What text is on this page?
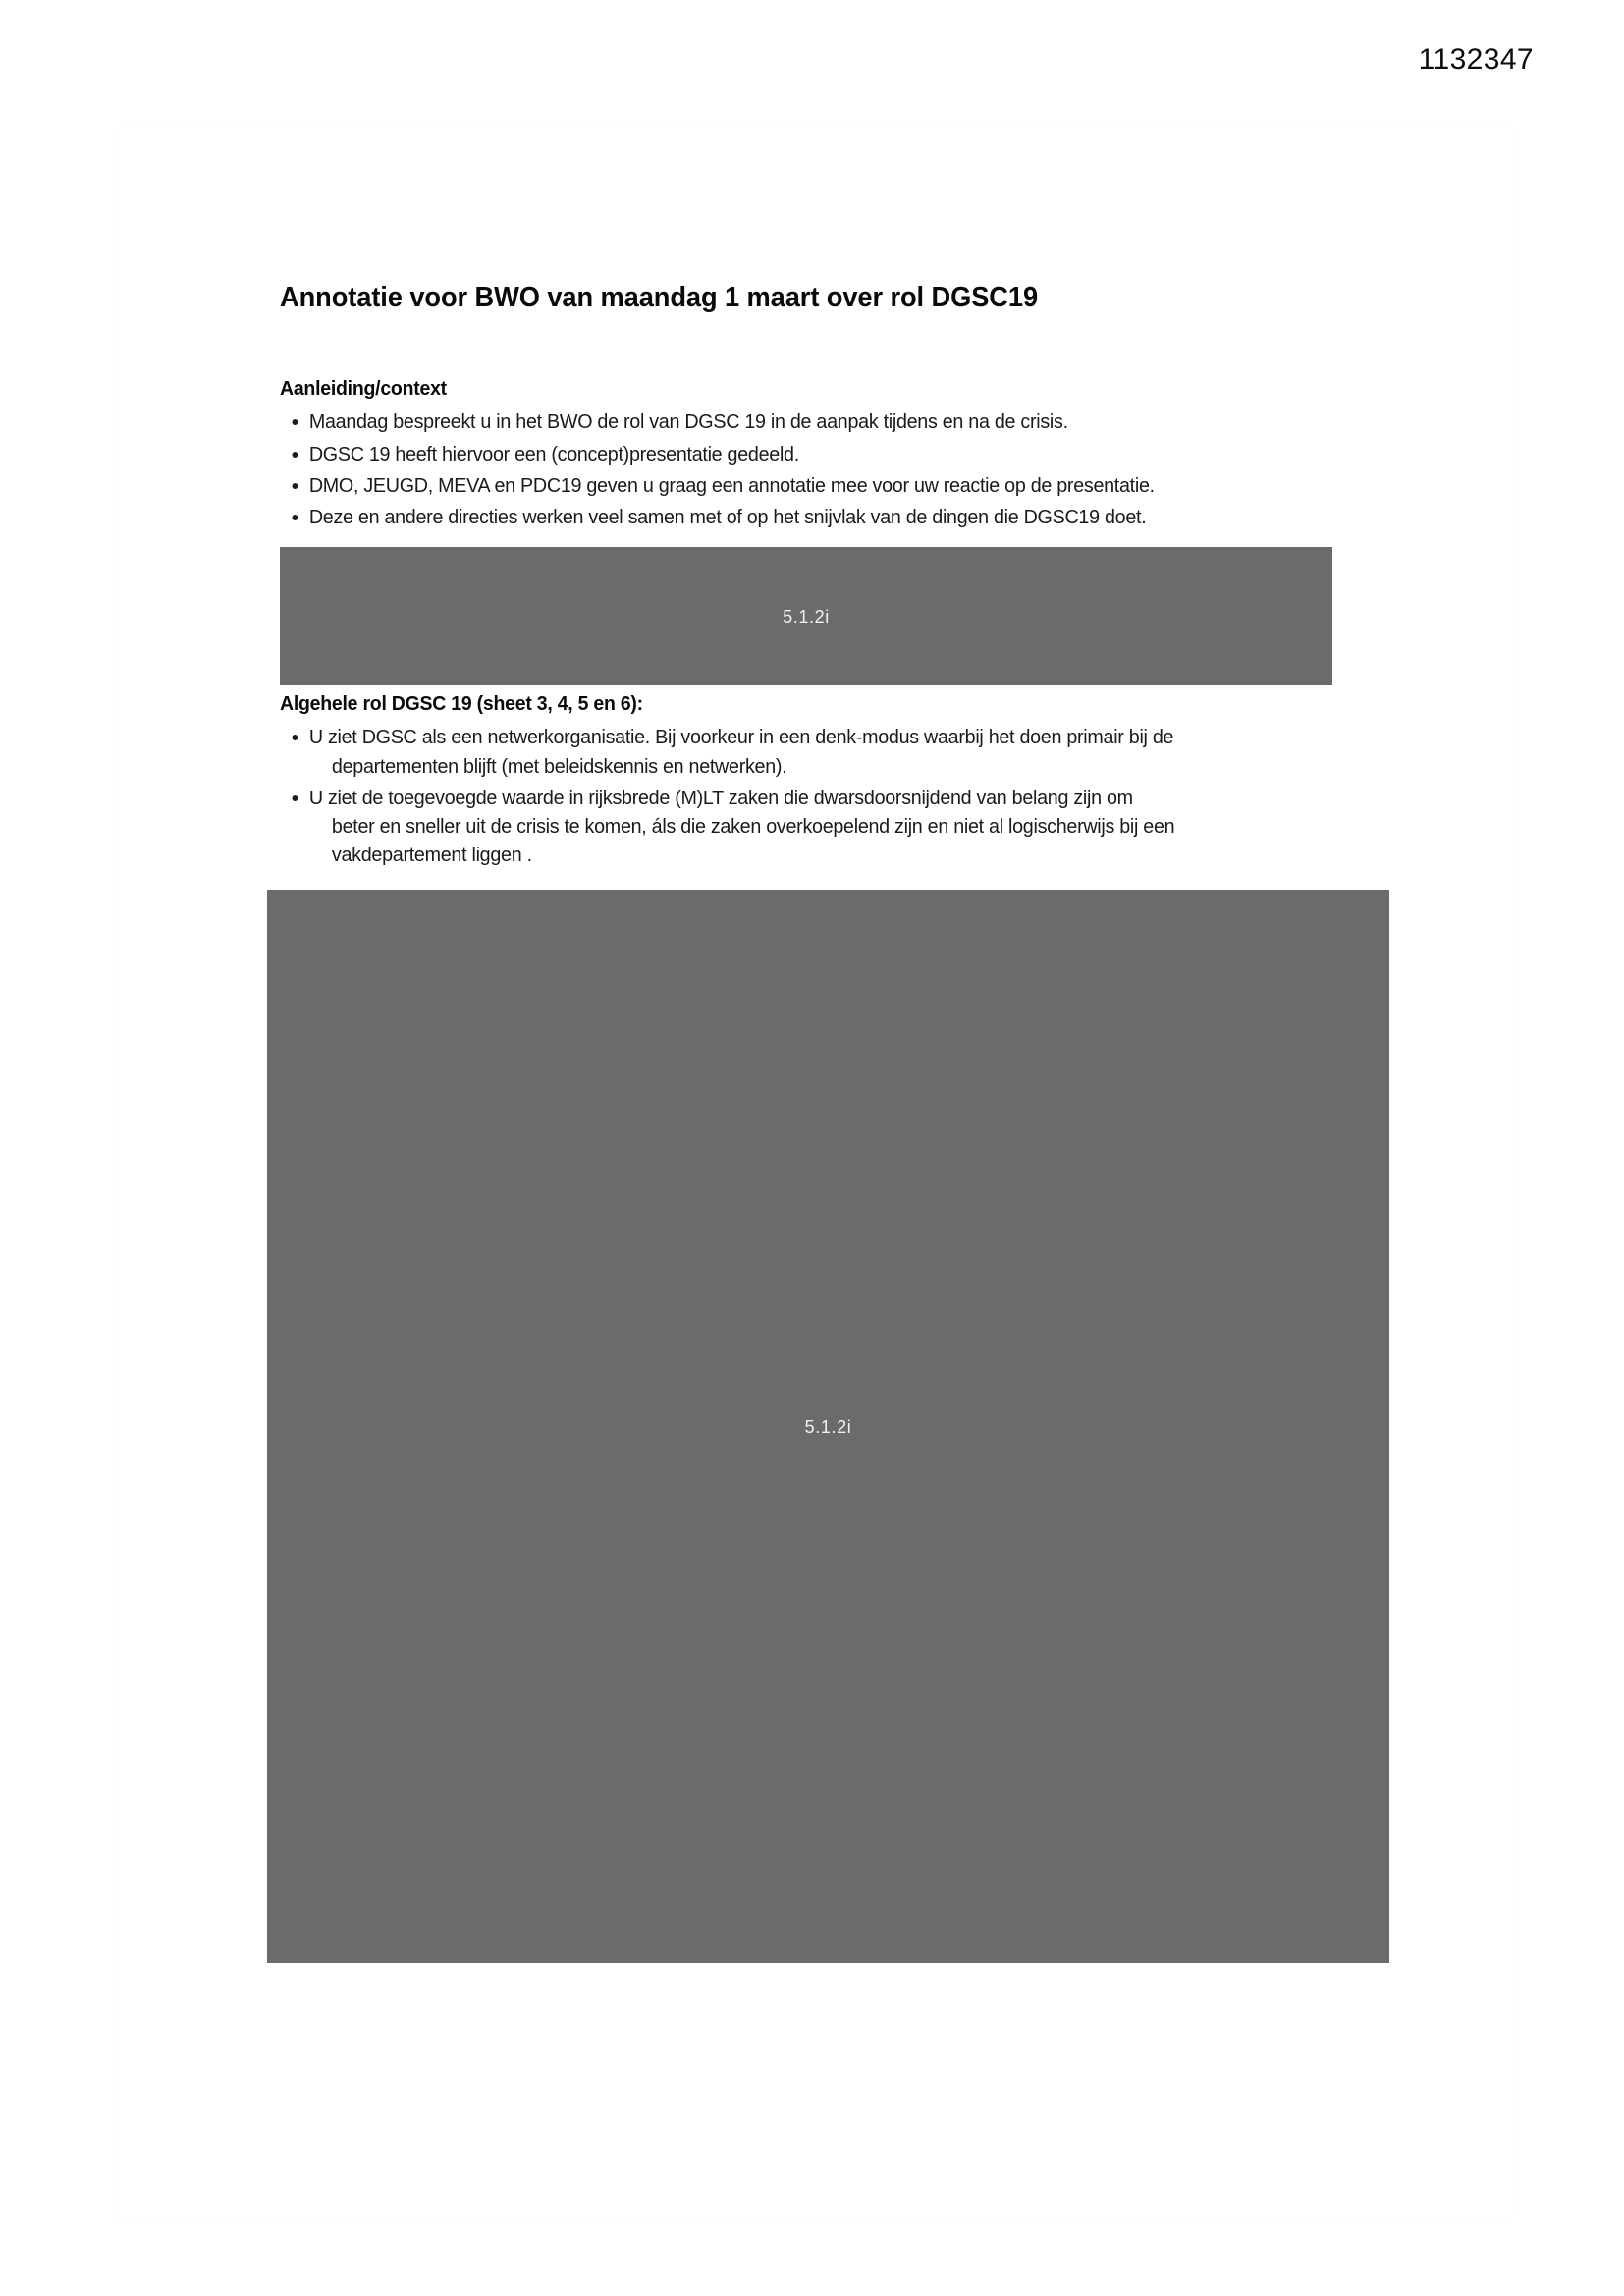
1132347
Annotatie voor BWO van maandag 1 maart over rol DGSC19
Aanleiding/context
Maandag bespreekt u in het BWO de rol van DGSC 19 in de aanpak tijdens en na de crisis.
DGSC 19 heeft hiervoor een (concept)presentatie gedeeld.
DMO, JEUGD, MEVA en PDC19 geven u graag een annotatie mee voor uw reactie op de presentatie.
Deze en andere directies werken veel samen met of op het snijvlak van de dingen die DGSC19 doet.
Algehele rol DGSC 19 (sheet 3, 4, 5 en 6):
U ziet DGSC als een netwerkorganisatie. Bij voorkeur in een denk-modus waarbij het doen primair bij de
departementen blijft (met beleidskennis en netwerken).
U ziet de toegevoegde waarde in rijksbrede (M)LT zaken die dwarsdoorsnijdend van belang zijn om
beter en sneller uit de crisis te komen, áls die zaken overkoepelend zijn en niet al logischerwijs bij een
vakdepartement liggen .
5.1.2i
5.1.2i
